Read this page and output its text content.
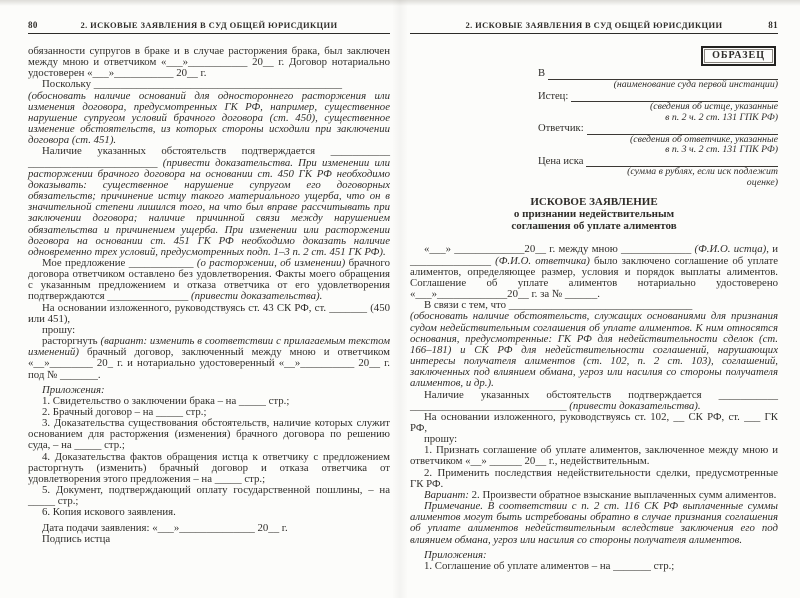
80	2. ИСКОВЫЕ ЗАЯВЛЕНИЯ В СУД ОБЩЕЙ ЮРИСДИКЦИИ

обязанности супругов в браке и в случае расторжения брака, был заключен между мною и ответчиком «___»___________ 20__ г. Договор нотариально удостоверен «___»___________ 20__ г.

Поскольку ______________________________________________

(обосновать наличие оснований для одностороннего расторжения или изменения договора, предусмотренных ГК РФ, например, существенное нарушение супругом условий брачного договора (ст. 450), существенное изменение обстоятельств, из которых стороны исходили при заключении договора (ст. 451).

Наличие указанных обстоятельств подтверждается ___________ ________________________ (привести доказательства. При изменении или расторжении брачного договора на основании ст. 450 ГК РФ необходимо доказывать: существенное нарушение супругом его договорных обязательств; причинение истцу такого материального ущерба, что он в значительной степени лишился того, на что был вправе рассчитывать при заключении договора; наличие причинной связи между нарушением обязательства и причинением ущерба. При изменении или расторжении договора на основании ст. 451 ГК РФ необходимо доказать наличие одновременно трех условий, предусмотренных подп. 1–3 п. 2 ст. 451 ГК РФ).

Мое предложение ____________ (о расторжении, об изменении) брачного договора ответчиком оставлено без удовлетворения. Факты моего обращения с указанным предложением и отказа ответчика от его удовлетворения подтверждаются _______________ (привести доказательства).

На основании изложенного, руководствуясь ст. 43 СК РФ, ст. _______ (450 или 451),

прошу:

расторгнуть (вариант: изменить в соответствии с прилагаемым текстом изменений) брачный договор, заключенный между мною и ответчиком «__»________ 20_ г. и нотариально удостоверенный «__»__________ 20__ г. под № _______.

Приложения:

1. Свидетельство о заключении брака – на _____ стр.;

2. Брачный договор – на _____ стр.;

3. Доказательства существования обстоятельств, наличие которых служит основанием для расторжения (изменения) брачного договора по решению суда, – на _____ стр.;

4. Доказательства фактов обращения истца к ответчику с предложением расторгнуть (изменить) брачный договор и отказа ответчика от удовлетворения этого предложения – на _____ стр.;

5. Документ, подтверждающий оплату государственной пошлины, – на _____ стр.;

6. Копия искового заявления.

Дата подачи заявления: «___»______________ 20__ г.

Подпись истца

2. ИСКОВЫЕ ЗАЯВЛЕНИЯ В СУД ОБЩЕЙ ЮРИСДИКЦИИ	81
ОБРАЗЕЦ
В
(наименование суда первой инстанции)
Истец:
(сведения об истце, указанные
в п. 2 ч. 2 ст. 131 ГПК РФ)
Ответчик:
(сведения об ответчике, указанные
в п. 3 ч. 2 ст. 131 ГПК РФ)
Цена иска
(сумма в рублях, если иск подлежит
оценке)
ИСКОВОЕ ЗАЯВЛЕНИЕ
о признании недействительным
соглашения об уплате алиментов

«___» _____________20__ г. между мною _____________ (Ф.И.О. истца), и _______________ (Ф.И.О. ответчика) было заключено соглашение об уплате алиментов, определяющее размер, условия и порядок выплаты алиментов. Соглашение об уплате алиментов нотариально удостоверено «___»_____________20__ г. за № ______.

В связи с тем, что __________________________________

(обосновать наличие обстоятельств, служащих основаниями для признания судом недействительным соглашения об уплате алиментов. К ним относятся основания, предусмотренные: ГК РФ для недействительности сделок (ст. 166–181) и СК РФ для недействительности соглашений, нарушающих интересы получателя алиментов (ст. 102, п. 2 ст. 103), соглашений, заключенных под влиянием обмана, угроз или насилия со стороны получателя алиментов, и др.).

Наличие указанных обстоятельств подтверждается ___________ _____________________________ (привести доказательства).

На основании изложенного, руководствуясь ст. 102, __ СК РФ, ст. ___ ГК РФ,

прошу:

1. Признать соглашение об уплате алиментов, заключенное между мною и ответчиком «__» ______ 20__ г., недействительным.

2. Применить последствия недействительности сделки, предусмотренные ГК РФ.

Вариант: 2. Произвести обратное взыскание выплаченных сумм алиментов.

Примечание. В соответствии с п. 2 ст. 116 СК РФ выплаченные суммы алиментов могут быть истребованы обратно в случае признания соглашения об уплате алиментов недействительным вследствие заключения его под влиянием обмана, угроз или насилия со стороны получателя алиментов.

Приложения:

1. Соглашение об уплате алиментов – на _______ стр.;
